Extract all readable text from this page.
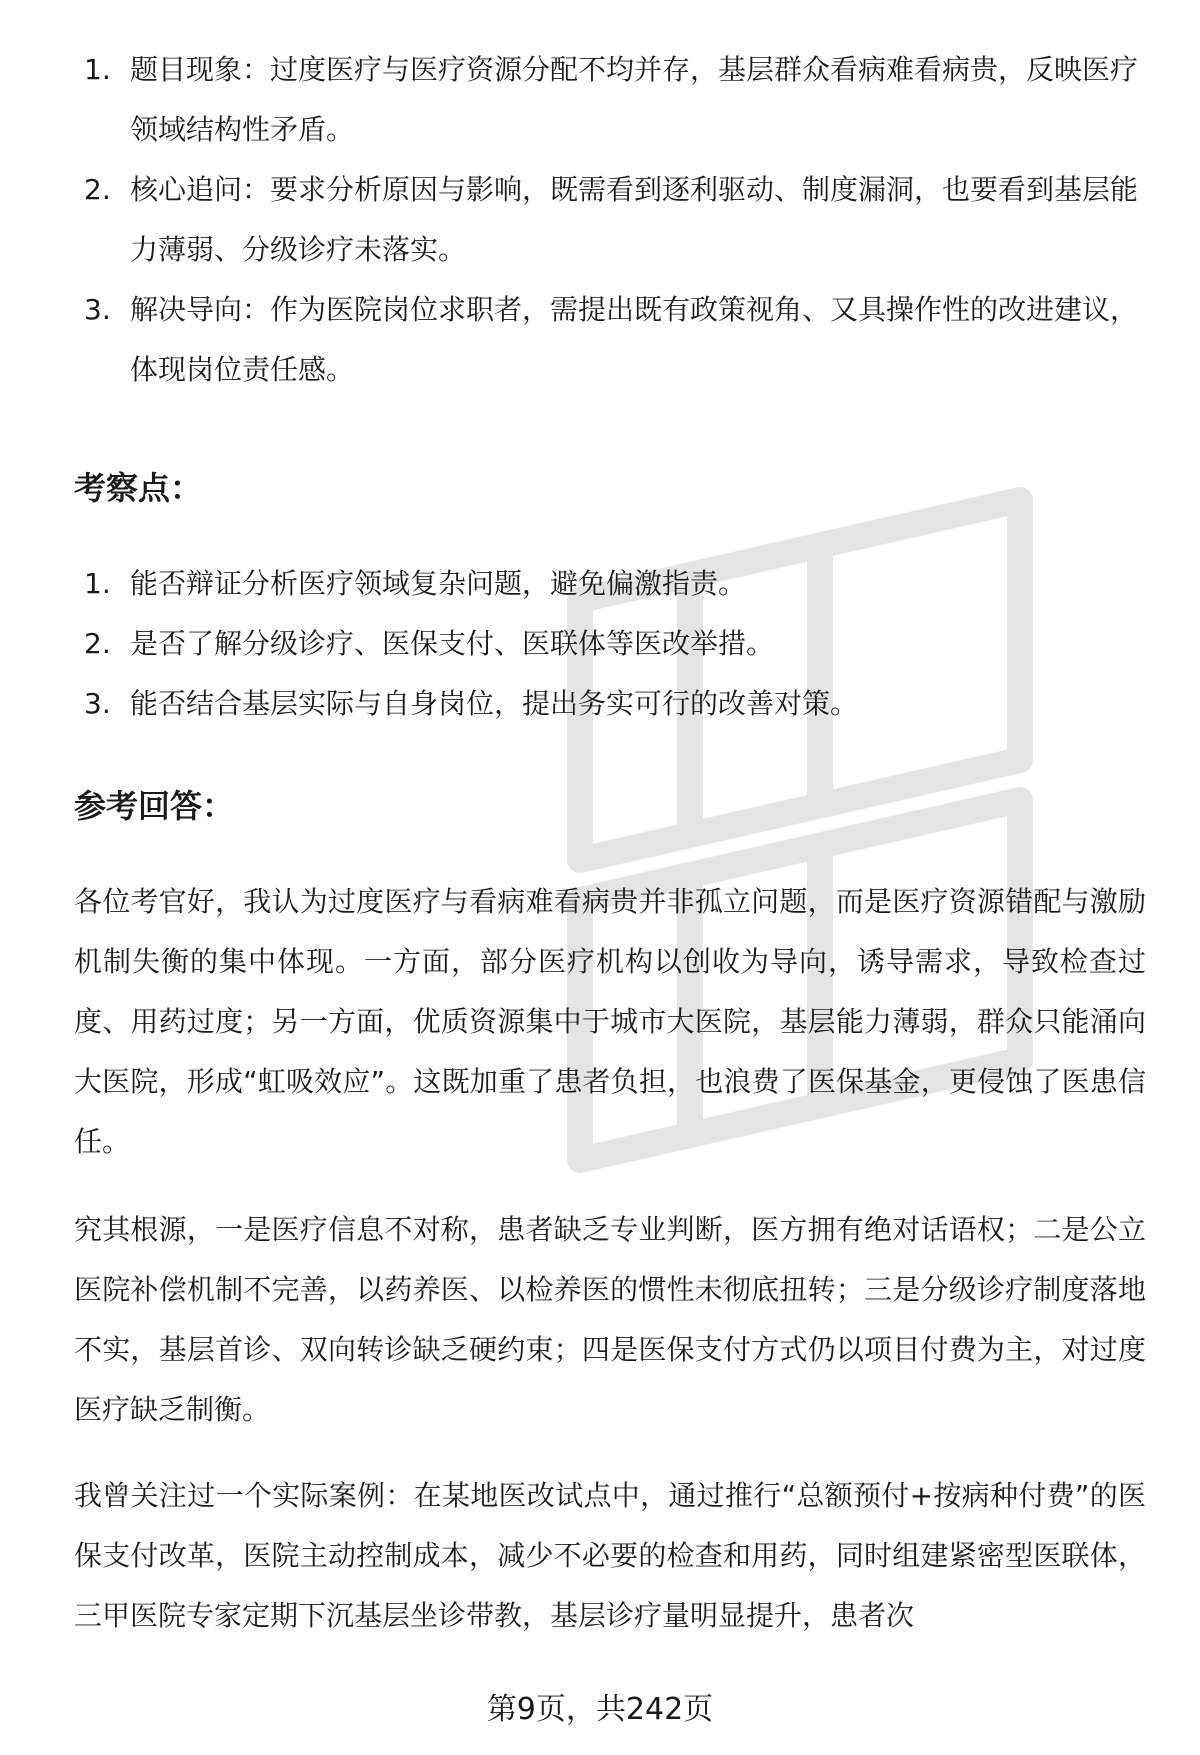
1. 题目现象：过度医疗与医疗资源分配不均并存，基层群众看病难看病贵，反映医疗领域结构性矛盾。
2. 核心追问：要求分析原因与影响，既需看到逐利驱动、制度漏洞，也要看到基层能力薄弱、分级诊疗未落实。
3. 解决导向：作为医院岗位求职者，需提出既有政策视角、又具操作性的改进建议，体现岗位责任感。
考察点：
1. 能否辩证分析医疗领域复杂问题，避免偏激指责。
2. 是否了解分级诊疗、医保支付、医联体等医改举措。
3. 能否结合基层实际与自身岗位，提出务实可行的改善对策。
参考回答：

各位考官好，我认为过度医疗与看病难看病贵并非孤立问题，而是医疗资源错配与激励机制失衡的集中体现。一方面，部分医疗机构以创收为导向，诱导需求，导致检查过度、用药过度；另一方面，优质资源集中于城市大医院，基层能力薄弱，群众只能涌向大医院，形成“虹吸效应”。这既加重了患者负担，也浪费了医保基金，更侵蚀了医患信任。

究其根源，一是医疗信息不对称，患者缺乏专业判断，医方拥有绝对话语权；二是公立医院补偿机制不完善，以药养医、以检养医的惯性未彻底扭转；三是分级诊疗制度落地不实，基层首诊、双向转诊缺乏硬约束；四是医保支付方式仍以项目付费为主，对过度医疗缺乏制衡。

我曾关注过一个实际案例：在某地医改试点中，通过推行“总额预付+按病种付费”的医保支付改革，医院主动控制成本，减少不必要的检查和用药，同时组建紧密型医联体，三甲医院专家定期下沉基层坐诊带教，基层诊疗量明显提升，患者次

第9页，共242页
